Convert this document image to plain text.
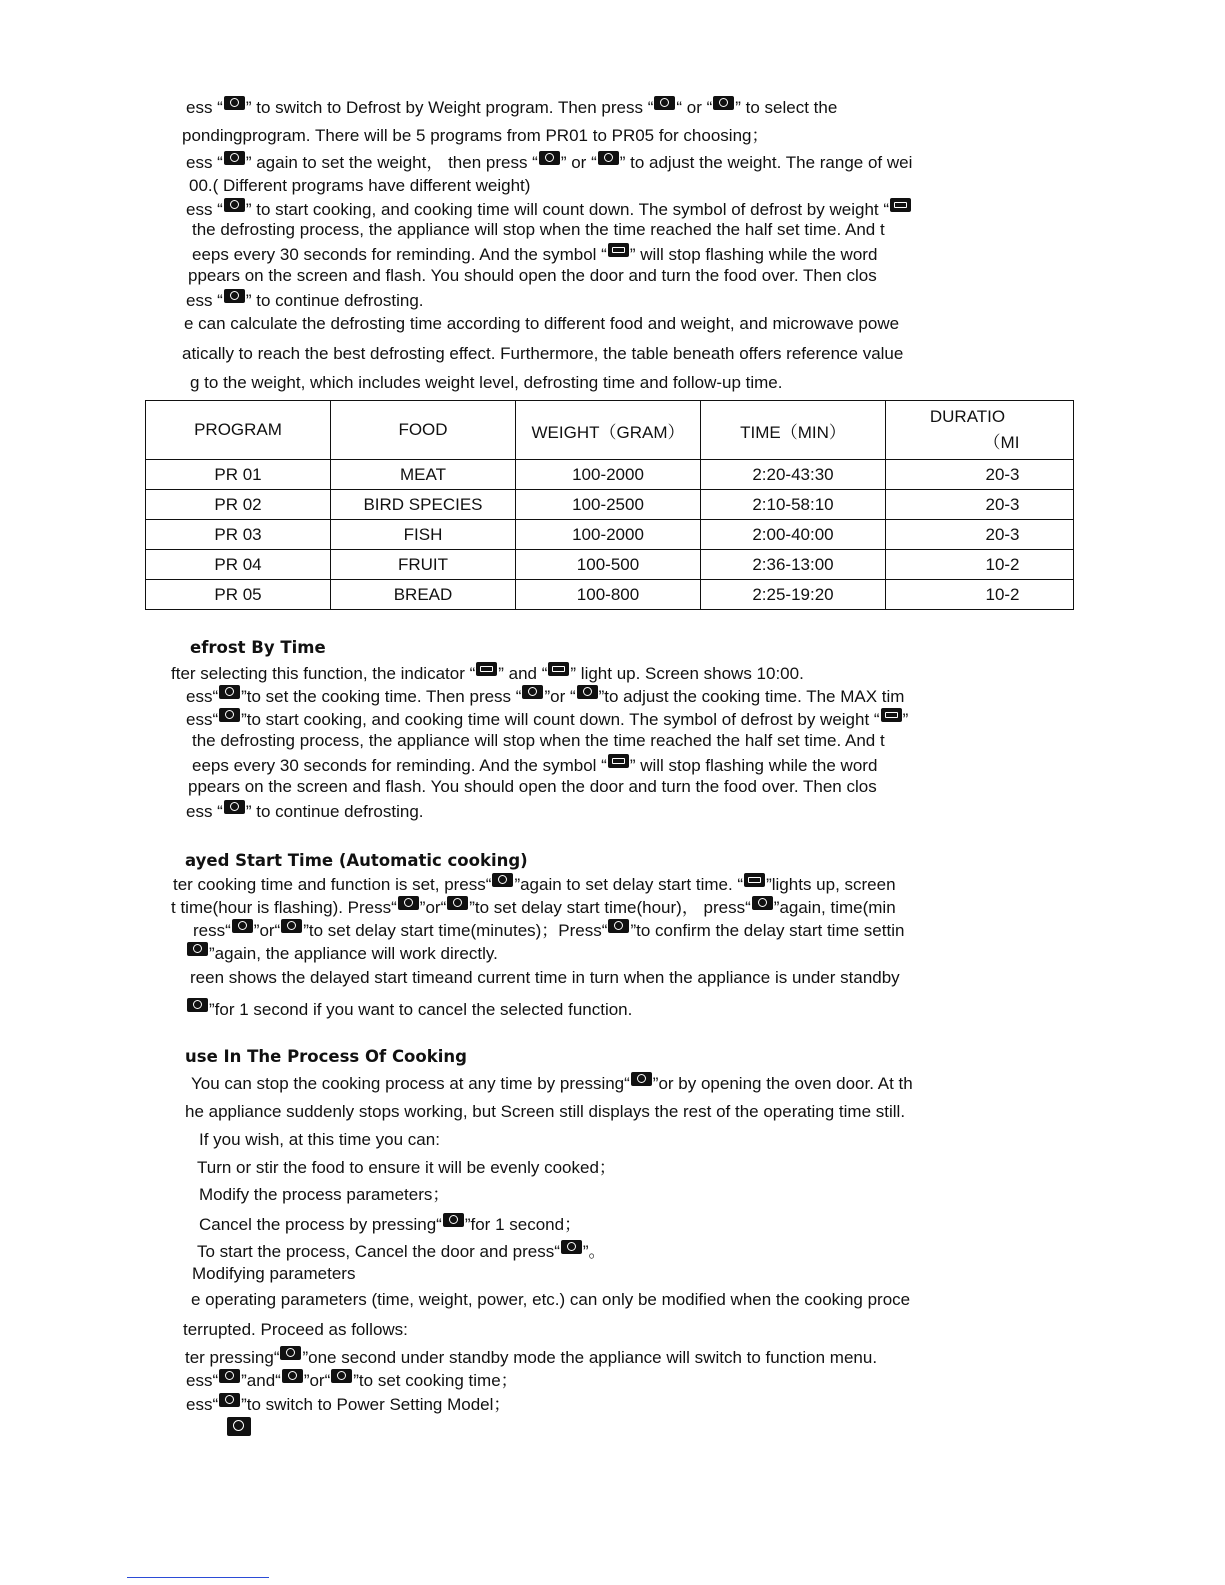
ess “ ” to switch to Defrost by Weight program. Then press “ “ or “ ” to select the
pondingprogram. There will be 5 programs from PR01 to PR05 for choosing；
ess “ ” again to set the weight， then press “ ” or “ ” to adjust the weight. The range of wei
00.( Different programs have different weight)
ess “ ” to start cooking, and cooking time will count down. The symbol of defrost by weight “
the defrosting process, the appliance will stop when the time reached the half set time. And t
eeps every 30 seconds for reminding. And the symbol “ ” will stop flashing while the word
ppears on the screen and flash. You should open the door and turn the food over. Then clos
ess “ ” to continue defrosting.
e can calculate the defrosting time according to different food and weight, and microwave powe
atically to reach the best defrosting effect. Furthermore, the table beneath offers reference value
g to the weight, which includes weight level, defrosting time and follow-up time.
PROGRAM	FOOD	WEIGHT（GRAM）	TIME（MIN）	DURATIO
（MI

PR 01	MEAT	100-2000	2:20-43:30	20-3
PR 02	BIRD SPECIES	100-2500	2:10-58:10	20-3
PR 03	FISH	100-2000	2:00-40:00	20-3
PR 04	FRUIT	100-500	2:36-13:00	10-2
PR 05	BREAD	100-800	2:25-19:20	10-2
efrost By Time
fter selecting this function, the indicator “ ” and “ ” light up. Screen shows 10:00.
ess“ ”to set the cooking time. Then press “ ”or “ ”to adjust the cooking time. The MAX tim
ess“ ”to start cooking, and cooking time will count down. The symbol of defrost by weight “ ”
the defrosting process, the appliance will stop when the time reached the half set time. And t
eeps every 30 seconds for reminding. And the symbol “ ” will stop flashing while the word
ppears on the screen and flash. You should open the door and turn the food over. Then clos
ess “ ” to continue defrosting.
ayed Start Time (Automatic cooking)
ter cooking time and function is set, press“ ”again to set delay start time. “ ”lights up, screen
t time(hour is flashing). Press“ ”or“ ”to set delay start time(hour)， press“ ”again, time(min
ress“ ”or“ ”to set delay start time(minutes)；Press“ ”to confirm the delay start time settin
”again, the appliance will work directly.
reen shows the delayed start timeand current time in turn when the appliance is under standby
”for 1 second if you want to cancel the selected function.
use In The Process Of Cooking
You can stop the cooking process at any time by pressing“ ”or by opening the oven door. At th
he appliance suddenly stops working, but Screen still displays the rest of the operating time still.
If you wish, at this time you can:
Turn or stir the food to ensure it will be evenly cooked；
Modify the process parameters；
Cancel the process by pressing“ ”for 1 second；
To start the process, Cancel the door and press“ ”。
Modifying parameters
e operating parameters (time, weight, power, etc.) can only be modified when the cooking proce
terrupted. Proceed as follows:
ter pressing“ ”one second under standby mode the appliance will switch to function menu.
ess“ ”and“ ”or“ ”to set cooking time；
ess“ ”to switch to Power Setting Model；
